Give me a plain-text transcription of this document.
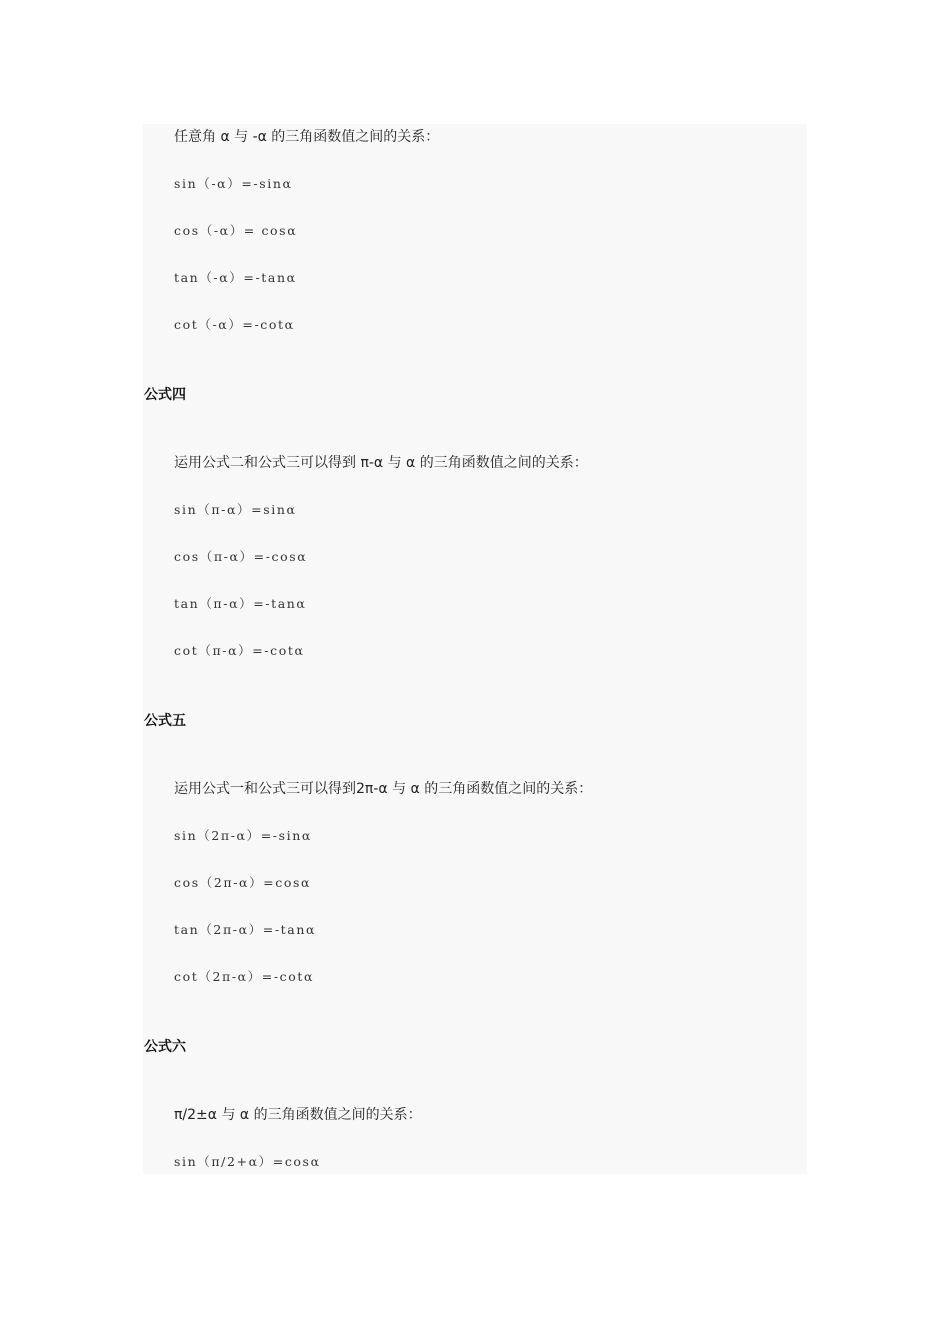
任意角 α 与 -α 的三角函数值之间的关系：
sin（-α）=-sinα
cos（-α）= cosα
tan（-α）=-tanα
cot（-α）=-cotα
公式四
运用公式二和公式三可以得到 π-α 与 α 的三角函数值之间的关系：
sin（π-α）=sinα
cos（π-α）=-cosα
tan（π-α）=-tanα
cot（π-α）=-cotα
公式五
运用公式一和公式三可以得到2π-α 与 α 的三角函数值之间的关系：
sin（2π-α）=-sinα
cos（2π-α）=cosα
tan（2π-α）=-tanα
cot（2π-α）=-cotα
公式六
π/2±α 与 α 的三角函数值之间的关系：
sin（π/2+α）=cosα
